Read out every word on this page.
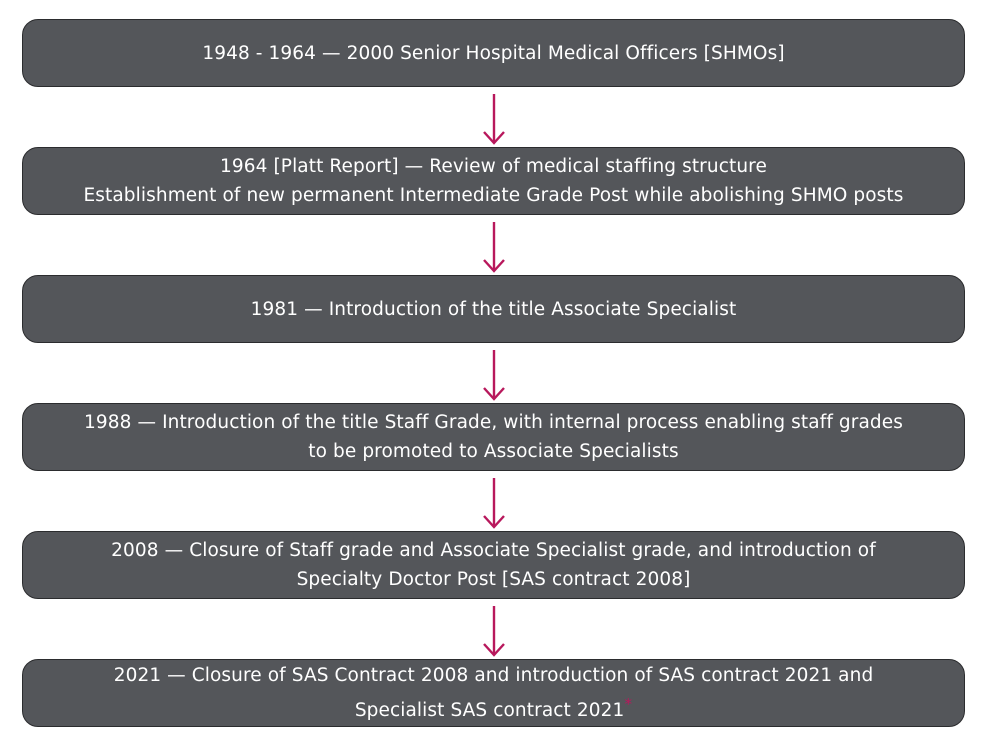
1948 - 1964 — 2000 Senior Hospital Medical Officers [SHMOs]
1964 [Platt Report] — Review of medical staffing structure
Establishment of new permanent Intermediate Grade Post while abolishing SHMO posts
1981 — Introduction of the title Associate Specialist
1988 — Introduction of the title Staff Grade, with internal process enabling staff grades
to be promoted to Associate Specialists
2008 — Closure of Staff grade and Associate Specialist grade, and introduction of
Specialty Doctor Post [SAS contract 2008]
2021 — Closure of SAS Contract 2008 and introduction of SAS contract 2021 and
Specialist SAS contract 2021*
